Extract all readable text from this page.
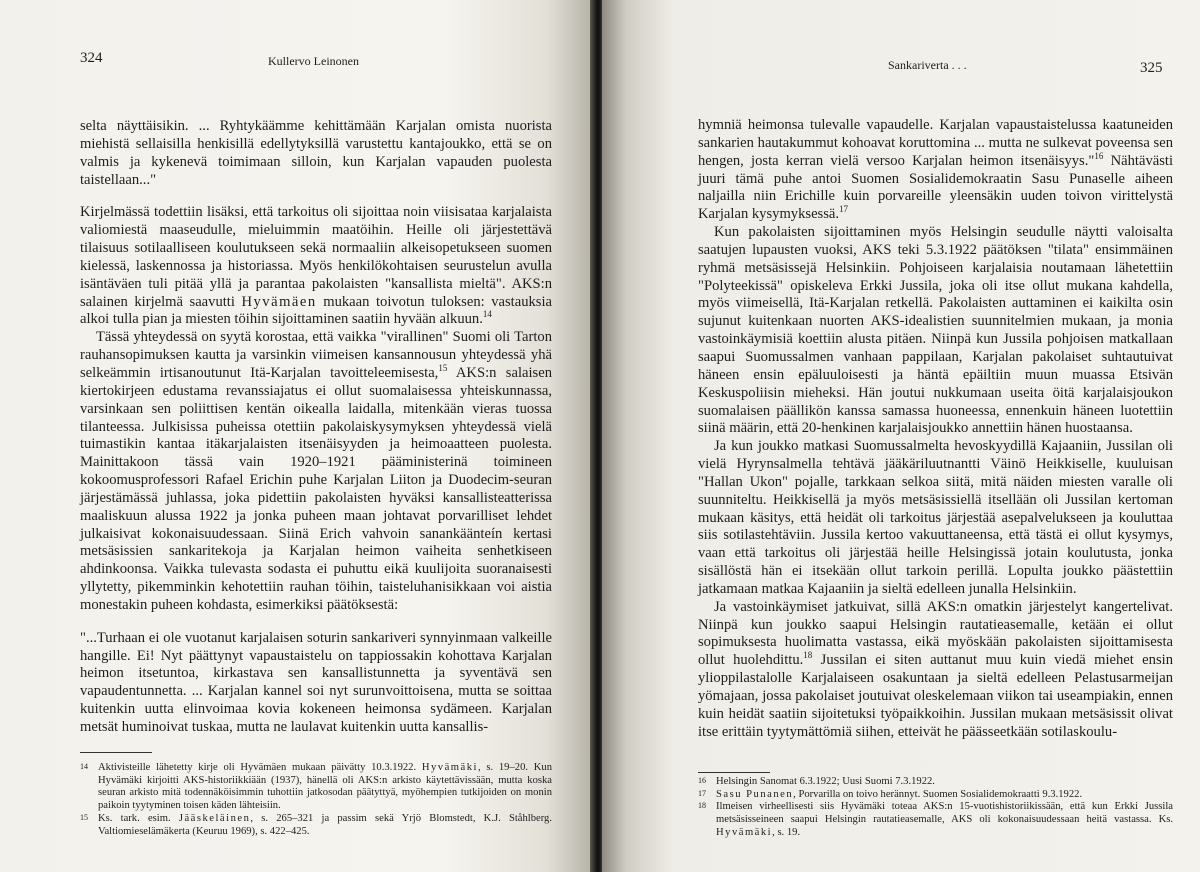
324	Kullervo Leinonen

selta näyttäisikin. ... Ryhtykäämme kehittämään Karjalan omista nuorista miehistä sellaisilla henkisillä edellytyksillä varustettu kantajoukko, että se on valmis ja kykenevä toimimaan silloin, kun Karjalan vapauden puolesta taistellaan..."

Kirjelmässä todettiin lisäksi, että tarkoitus oli sijoittaa noin viisisataa karjalaista valiomiestä maaseudulle, mieluimmin maatöihin. Heille oli järjestettävä tilaisuus sotilaalliseen koulutukseen sekä normaaliin alkeisopetukseen suomen kielessä, laskennossa ja historiassa. Myös henkilökohtaisen seurustelun avulla isäntäväen tuli pitää yllä ja parantaa pakolaisten "kansallista mieltä". AKS:n salainen kirjelmä saavutti Hyvämäen mukaan toivotun tuloksen: vastauksia alkoi tulla pian ja miesten töihin sijoittaminen saatiin hyvään alkuun.$^{14}$

Tässä yhteydessä on syytä korostaa, että vaikka "virallinen" Suomi oli Tarton rauhansopimuksen kautta ja varsinkin viimeisen kansannousun yhteydessä yhä selkeämmin irtisanoutunut Itä-Karjalan tavoitteleemisesta,$^{15}$ AKS:n salaisen kiertokirjeen edustama revanssiajatus ei ollut suomalaisessa yhteiskunnassa, varsinkaan sen poliittisen kentän oikealla laidalla, mitenkään vieras tuossa tilanteessa. Julkisissa puheissa otettiin pakolaiskysymyksen yhteydessä vielä tuimastikin kantaa itäkarjalaisten itsenäisyyden ja heimoaatteen puolesta. Mainittakoon tässä vain 1920–1921 pääministerinä toimineen kokoomusprofessori Rafael Erichin puhe Karjalan Liiton ja Duodecim-seuran järjestämässä juhlassa, joka pidettiin pakolaisten hyväksi kansallisteatterissa maaliskuun alussa 1922 ja jonka puheen maan johtavat porvarilliset lehdet julkaisivat kokonaisuudessaan. Siinä Erich vahvoin sanankäänteín kertasi metsäsissien sankaritekoja ja Karjalan heimon vaiheita senhetkiseen ahdinkoonsa. Vaikka tulevasta sodasta ei puhuttu eikä kuulijoita suoranaisesti yllytetty, pikemminkin kehotettiin rauhan töihin, taisteluhanisikkaan voi aistia monestakin puheen kohdasta, esimerkiksi päätöksestä:

"...Turhaan ei ole vuotanut karjalaisen soturin sankariveri synnyinmaan valkeille hangille. Ei! Nyt päättynyt vapaustaistelu on tappiossakin kohottava Karjalan heimon itsetuntoa, kirkastava sen kansallistunnetta ja syventävä sen vapaudentunnetta. ... Karjalan kannel soi nyt surunvoittoisena, mutta se soittaa kuitenkin uutta elinvoimaa kovia kokeneen heimonsa sydämeen. Karjalan metsät huminoivat tuskaa, mutta ne laulavat kuitenkin uutta kansallis-

14 Aktivisteille lähetetty kirje oli Hyvämäen mukaan päivätty 10.3.1922. Hyvämäki, s. 19–20. Kun Hyvämäki kirjoitti AKS-historiikkiään (1937), hänellä oli AKS:n arkisto käytettävissään, mutta koska seuran arkisto mitä todennäköisimmin tuhottiin jatkosodan päätyttyä, myöhempien tutkijoiden on monin paikoin tyytyminen toisen käden lähteisiin.
15 Ks. tark. esim. Jääskeläinen, s. 265–321 ja passim sekä Yrjö Blomstedt, K.J. Ståhlberg. Valtiomieselämäkerta (Keuruu 1969), s. 422–425.
Sankariverta . . .	325

hymniä heimonsa tulevalle vapaudelle. Karjalan vapaustaistelussa kaatuneiden sankarien hautakummut kohoavat koruttomina ... mutta ne sulkevat poveensa sen hengen, josta kerran vielä versoo Karjalan heimon itsenäisyys."$^{16}$ Nähtävästi juuri tämä puhe antoi Suomen Sosialidemokraatin Sasu Punaselle aiheen naljailla niin Erichille kuin porvareille yleensäkin uuden toivon virittelystä Karjalan kysymyksessä.$^{17}$

Kun pakolaisten sijoittaminen myös Helsingin seudulle näytti valoisalta saatujen lupausten vuoksi, AKS teki 5.3.1922 päätöksen "tilata" ensimmäinen ryhmä metsäsissejä Helsinkiin. Pohjoiseen karjalaisia noutamaan lähetettiin "Polyteekissä" opiskeleva Erkki Jussila, joka oli itse ollut mukana kahdella, myös viimeisellä, Itä-Karjalan retkellä. Pakolaisten auttaminen ei kaikilta osin sujunut kuitenkaan nuorten AKS-idealistien suunnitelmien mukaan, ja monia vastoinkäymisiä koettiin alusta pitäen. Niinpä kun Jussila pohjoisen matkallaan saapui Suomussalmen vanhaan pappilaan, Karjalan pakolaiset suhtautuivat häneen ensin epäluuloisesti ja häntä epäiltiin muun muassa Etsivän Keskuspoliisin mieheksi. Hän joutui nukkumaan useita öitä karjalaisjoukon suomalaisen päällikön kanssa samassa huoneessa, ennenkuin häneen luotettiin siinä määrin, että 20-henkinen karjalaisjoukko annettiin hänen huostaansa.

Ja kun joukko matkasi Suomussalmelta hevoskyydillä Kajaaniin, Jussilan oli vielä Hyrynsalmella tehtävä jääkäriluutnantti Väinö Heikkiselle, kuuluisan "Hallan Ukon" pojalle, tarkkaan selkoa siitä, mitä näiden miesten varalle oli suunniteltu. Heikkisellä ja myös metsäsissiellä itsellään oli Jussilan kertoman mukaan käsitys, että heidät oli tarkoitus järjestää asepalvelukseen ja kouluttaa siis sotilastehtäviin. Jussila kertoo vakuuttaneensa, että tästä ei ollut kysymys, vaan että tarkoitus oli järjestää heille Helsingissä jotain koulutusta, jonka sisällöstä hän ei itsekään ollut tarkoin perillä. Lopulta joukko päästettiin jatkamaan matkaa Kajaaniin ja sieltä edelleen junalla Helsinkiin.

Ja vastoinkäymiset jatkuivat, sillä AKS:n omatkin järjestelyt kangertelivat. Niinpä kun joukko saapui Helsingin rautatieasemalle, ketään ei ollut sopimuksesta huolimatta vastassa, eikä myöskään pakolaisten sijoittamisesta ollut huolehdittu.$^{18}$ Jussilan ei siten auttanut muu kuin viedä miehet ensin ylioppilastalolle Karjalaiseen osakuntaan ja sieltä edelleen Pelastusarmeijan yömajaan, jossa pakolaiset joutuivat oleskelemaan viikon tai useampiakin, ennen kuin heidät saatiin sijoitetuksi työpaikkoihin. Jussilan mukaan metsäsissit olivat itse erittäin tyytymättömiä siihen, etteivät he päässeetkään sotilaskoulu-

16 Helsingin Sanomat 6.3.1922; Uusi Suomi 7.3.1922.
17 Sasu Punanen, Porvarilla on toivo herännyt. Suomen Sosialidemokraatti 9.3.1922.
18 Ilmeisen virheellisesti siis Hyvämäki toteaa AKS:n 15-vuotishistoriikissään, että kun Erkki Jussila metsäsisseineen saapui Helsingin rautatieasemalle, AKS oli kokonaisuudessaan heitä vastassa. Ks. Hyvämäki, s. 19.
